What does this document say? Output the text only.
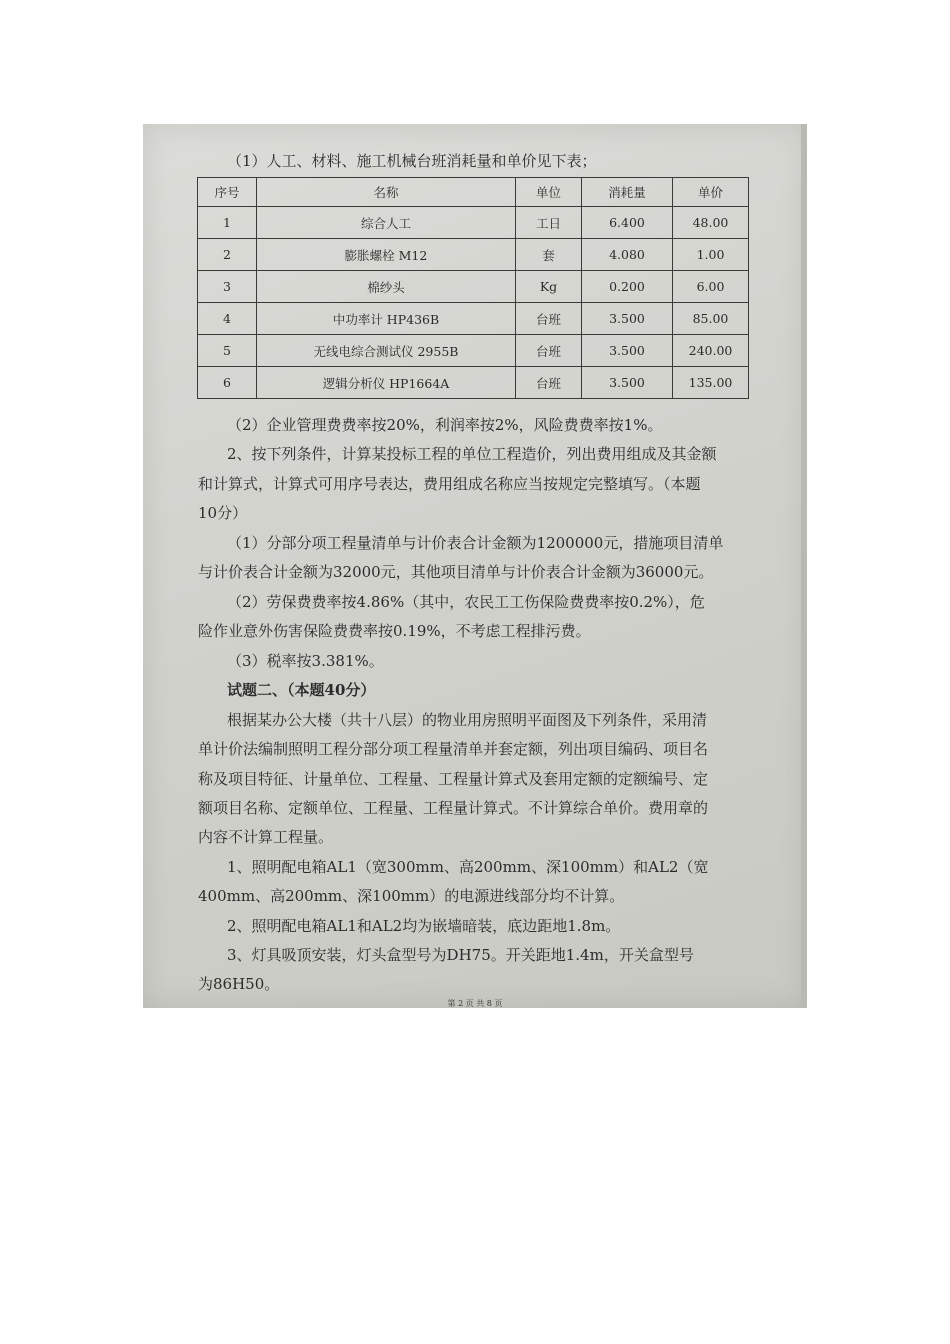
（1）人工、材料、施工机械台班消耗量和单价见下表；
序号	名称	单位	消耗量	单价
1	综合人工	工日	6.400	48.00
2	膨胀螺栓 M12	套	4.080	1.00
3	棉纱头	Kg	0.200	6.00
4	中功率计 HP436B	台班	3.500	85.00
5	无线电综合测试仪 2955B	台班	3.500	240.00
6	逻辑分析仪 HP1664A	台班	3.500	135.00
（2）企业管理费费率按20%，利润率按2%，风险费费率按1%。
2、按下列条件，计算某投标工程的单位工程造价，列出费用组成及其金额
和计算式，计算式可用序号表达，费用组成名称应当按规定完整填写。（本题
10分）
（1）分部分项工程量清单与计价表合计金额为1200000元，措施项目清单
与计价表合计金额为32000元，其他项目清单与计价表合计金额为36000元。
（2）劳保费费率按4.86%（其中，农民工工伤保险费费率按0.2%），危
险作业意外伤害保险费费率按0.19%，不考虑工程排污费。
（3）税率按3.381%。
试题二、（本题40分）
根据某办公大楼（共十八层）的物业用房照明平面图及下列条件，采用清
单计价法编制照明工程分部分项工程量清单并套定额，列出项目编码、项目名
称及项目特征、计量单位、工程量、工程量计算式及套用定额的定额编号、定
额项目名称、定额单位、工程量、工程量计算式。不计算综合单价。费用章的
内容不计算工程量。
1、照明配电箱AL1（宽300mm、高200mm、深100mm）和AL2（宽
400mm、高200mm、深100mm）的电源进线部分均不计算。
2、照明配电箱AL1和AL2均为嵌墙暗装，底边距地1.8m。
3、灯具吸顶安装，灯头盒型号为DH75。开关距地1.4m，开关盒型号
为86H50。
第 2 页 共 8 页
